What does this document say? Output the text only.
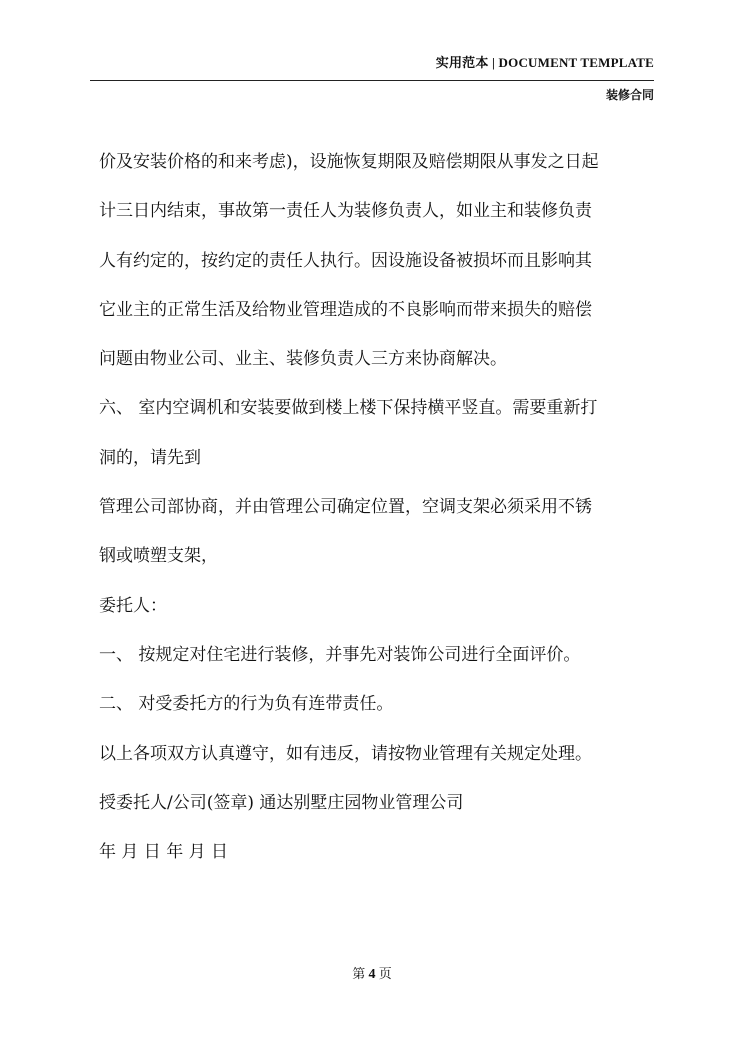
实用范本 | DOCUMENT TEMPLATE
装修合同

价及安装价格的和来考虑)，设施恢复期限及赔偿期限从事发之日起

计三日内结束，事故第一责任人为装修负责人，如业主和装修负责

人有约定的，按约定的责任人执行。因设施设备被损坏而且影响其

它业主的正常生活及给物业管理造成的不良影响而带来损失的赔偿

问题由物业公司、业主、装修负责人三方来协商解决。

六、 室内空调机和安装要做到楼上楼下保持横平竖直。需要重新打

洞的，请先到

管理公司部协商，并由管理公司确定位置，空调支架必须采用不锈

钢或喷塑支架，

委托人：

一、 按规定对住宅进行装修，并事先对装饰公司进行全面评价。

二、 对受委托方的行为负有连带责任。

以上各项双方认真遵守，如有违反，请按物业管理有关规定处理。

授委托人/公司(签章) 通达别墅庄园物业管理公司

年 月 日 年 月 日

第 4 页
